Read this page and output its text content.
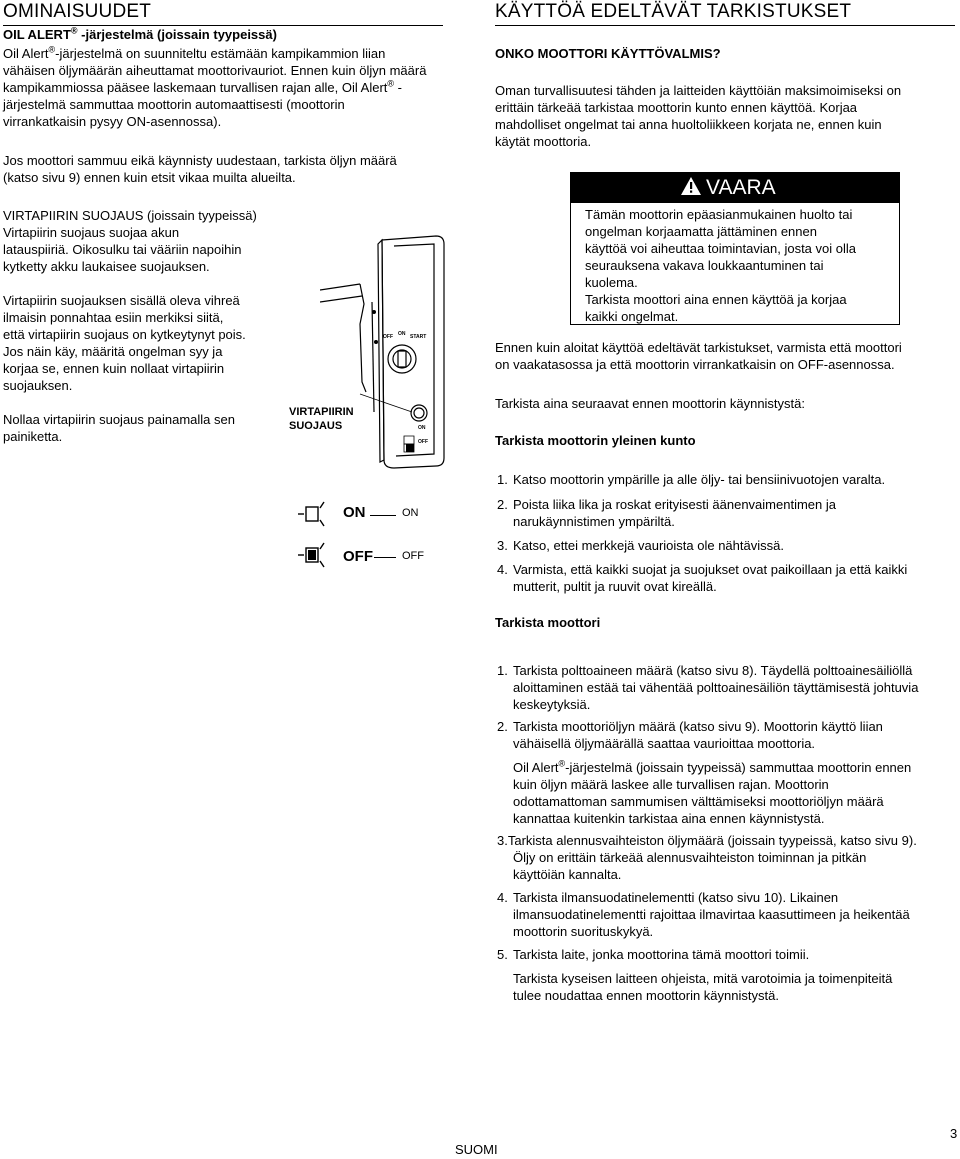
OMINAISUUDET
OIL ALERT® -järjestelmä (joissain tyypeissä)
Oil Alert®-järjestelmä on suunniteltu estämään kampikammion liian
vähäisen öljymäärän aiheuttamat moottorivauriot. Ennen kuin öljyn määrä
kampikammiossa pääsee laskemaan turvallisen rajan alle, Oil Alert® -
järjestelmä sammuttaa moottorin automaattisesti (moottorin
virrankatkaisin pysyy ON-asennossa).
Jos moottori sammuu eikä käynnisty uudestaan, tarkista öljyn määrä
(katso sivu 9) ennen kuin etsit vikaa muilta alueilta.
VIRTAPIIRIN SUOJAUS (joissain tyypeissä)
Virtapiirin suojaus suojaa akun
latauspiiriä. Oikosulku tai vääriin napoihin
kytketty akku laukaisee suojauksen.
Virtapiirin suojauksen sisällä oleva vihreä
ilmaisin ponnahtaa esiin merkiksi siitä,
että virtapiirin suojaus on kytkeytynyt pois.
Jos näin käy, määritä ongelman syy ja
korjaa se, ennen kuin nollaat virtapiirin
suojauksen.
Nollaa virtapiirin suojaus painamalla sen
painiketta.
VIRTAPIIRIN
SUOJAUS
OFF ON START
ON
OFF
ON	ON
OFF	OFF
KÄYTTÖÄ EDELTÄVÄT TARKISTUKSET
ONKO MOOTTORI KÄYTTÖVALMIS?
Oman turvallisuutesi tähden ja laitteiden käyttöiän maksimoimiseksi on
erittäin tärkeää tarkistaa moottorin kunto ennen käyttöä. Korjaa
mahdolliset ongelmat tai anna huoltoliikkeen korjata ne, ennen kuin
käytät moottoria.
VAARA
Tämän moottorin epäasianmukainen huolto tai
ongelman korjaamatta jättäminen ennen
käyttöä voi aiheuttaa toimintavian, josta voi olla
seurauksena vakava loukkaantuminen tai
kuolema.
Tarkista moottori aina ennen käyttöä ja korjaa
kaikki ongelmat.
Ennen kuin aloitat käyttöä edeltävät tarkistukset, varmista että moottori
on vaakatasossa ja että moottorin virrankatkaisin on OFF-asennossa.
Tarkista aina seuraavat ennen moottorin käynnistystä:
Tarkista moottorin yleinen kunto
1. Katso moottorin ympärille ja alle öljy- tai bensiinivuotojen varalta.
2. Poista liika lika ja roskat erityisesti äänenvaimentimen ja
narukäynnistimen ympäriltä.
3. Katso, ettei merkkejä vaurioista ole nähtävissä.
4. Varmista, että kaikki suojat ja suojukset ovat paikoillaan ja että kaikki
mutterit, pultit ja ruuvit ovat kireällä.
Tarkista moottori
1. Tarkista polttoaineen määrä (katso sivu 8). Täydellä polttoainesäiliöllä
aloittaminen estää tai vähentää polttoainesäiliön täyttämisestä johtuvia
keskeytyksiä.
2. Tarkista moottoriöljyn määrä (katso sivu 9). Moottorin käyttö liian
vähäisellä öljymäärällä saattaa vaurioittaa moottoria.
Oil Alert®-järjestelmä (joissain tyypeissä) sammuttaa moottorin ennen
kuin öljyn määrä laskee alle turvallisen rajan. Moottorin
odottamattoman sammumisen välttämiseksi moottoriöljyn määrä
kannattaa kuitenkin tarkistaa aina ennen käynnistystä.
3.Tarkista alennusvaihteiston öljymäärä (joissain tyypeissä, katso sivu 9).
Öljy on erittäin tärkeää alennusvaihteiston toiminnan ja pitkän
käyttöiän kannalta.
4. Tarkista ilmansuodatinelementti (katso sivu 10). Likainen
ilmansuodatinelementti rajoittaa ilmavirtaa kaasuttimeen ja heikentää
moottorin suorituskykyä.
5. Tarkista laite, jonka moottorina tämä moottori toimii.
Tarkista kyseisen laitteen ohjeista, mitä varotoimia ja toimenpiteitä
tulee noudattaa ennen moottorin käynnistystä.
SUOMI
3
